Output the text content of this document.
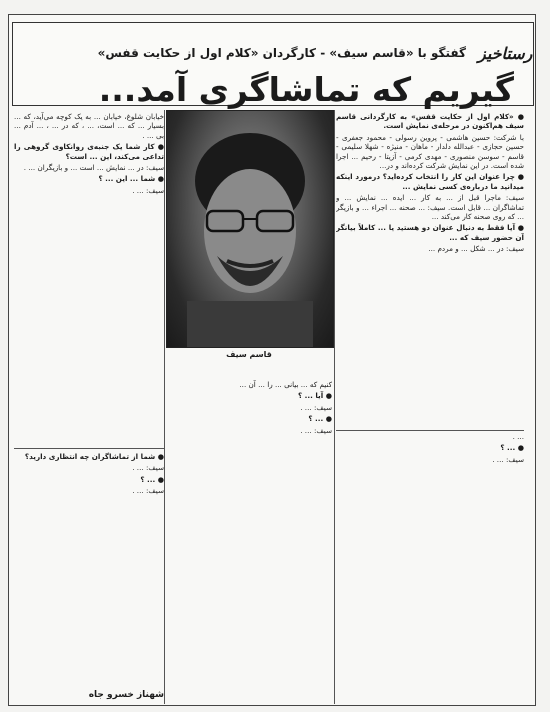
رستاخیز
گفتگو با «قاسم سیف» - کارگردان «کلام اول از حکایت قفس»
گیریم که تماشاگری آمد...

● «کلام اول از حکایت قفس» به کارگردانی قاسم سیف هم‌اکنون در مرحله‌ی نمایش است.

با شرکت: حسین هاشمی - پروین رسولی - محمود جعفری - حسین حجازی - عبدالله دلدار - ماهان - منیژه - شهلا سلیمی - قاسم - سوسن منصوری - مهدی کرمی - آزیتا - رحیم ... اجرا شده است. در این نمایش شرکت کرده‌اند و در...

● چرا عنوان این کار را انتخاب کرده‌اید؟ درمورد اینکه میدانید ما درباره‌ی کسی نمایش ...

سیف: ماجرا قبل از ... به کار ... ایده ... نمایش ... و تماشاگران ... قابل است. سیف: ... صحنه ... اجراء ... و بازیگر ... که روی صحنه کار می‌کند ...

● آیا فقط به دنبال عنوان دو هستید یا ... کاملاً بیانگر آن حضور سیف که ...

سیف: در ... شکل ... و مردم ...

خیابان شلوغ، خیابان ... به یک کوچه می‌آید، که ... بسیار ... که ... است، ... ، که در ... ، ... آدم ... بی ... .

● کار شما یک جنبه‌ی روانکاوی گروهی را تداعی می‌کند، این ... است؟

سیف: در ... نمایش ... است ... و بازیگران ... .

● شما ... این ... ؟

سیف: ... .

قاسم سیف

کنیم که ... بیانی ... را ... آن ...

● آیا ... ؟

سیف: ... .

● ... ؟

سیف: ... .

... .

● ... ؟

سیف: ... .

● شما از تماشاگران چه انتظاری دارید؟

سیف: ... .

● ... ؟

سیف: ... .

شهناز خسرو جاه
